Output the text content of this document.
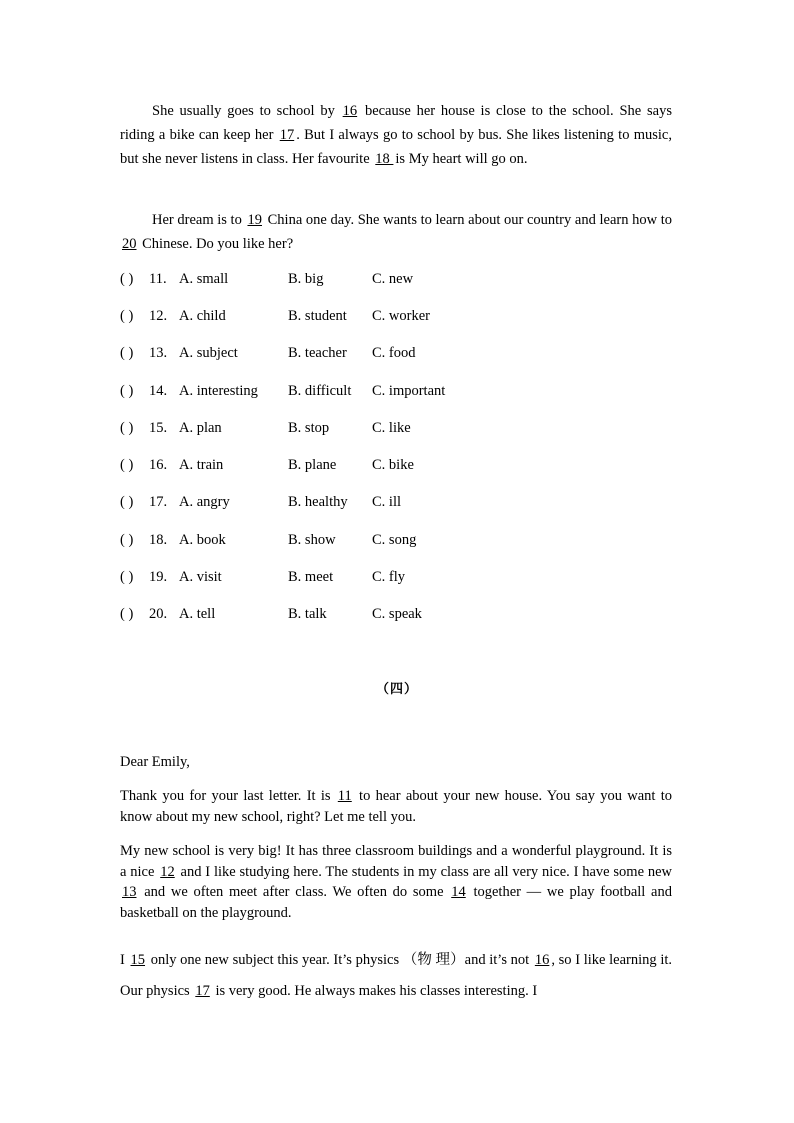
She usually goes to school by 16 because her house is close to the school. She says riding a bike can keep her 17 . But I always go to school by bus. She likes listening to music, but she never listens in class. Her favourite 18 is My heart will go on.

Her dream is to 19 China one day. She wants to learn about our country and learn how to 20 Chinese. Do you like her?

( ) 11. A. small	B. big	C. new
( ) 12. A. child	B. student C. worker
( ) 13. A. subject	B. teacher C. food
( ) 14. A. interesting B. difficult C. important
( ) 15. A. plan	B. stop	C. like
( ) 16. A. train	B. plane C. bike
( ) 17. A. angry	B. healthy C. ill
( ) 18. A. book	B. show	C. song
( ) 19. A. visit	B. meet	C. fly
( ) 20. A. tell	B. talk	C. speak
（四）

Dear Emily,

Thank you for your last letter. It is 11 to hear about your new house. You say you want to know about my new school, right? Let me tell you.

My new school is very big! It has three classroom buildings and a wonderful playground. It is a nice 12 and I like studying here. The students in my class are all very nice. I have some new 13 and we often meet after class. We often do some 14 together — we play football and basketball on the playground.

I 15 only one new subject this year. It’s physics （物 理）and it’s not 16 , so I like learning it. Our physics 17 is very good. He always makes his classes interesting. I
